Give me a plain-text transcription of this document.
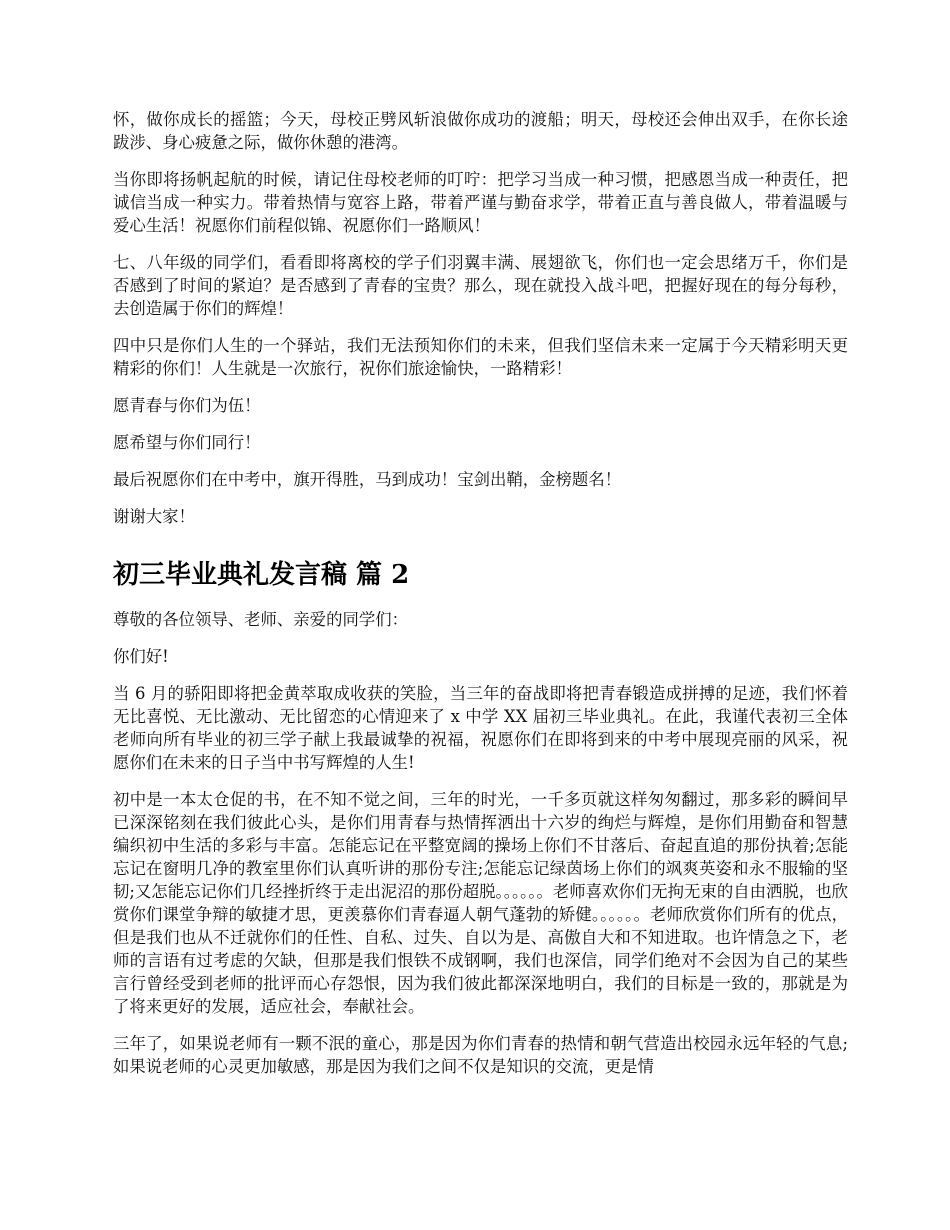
怀，做你成长的摇篮；今天，母校正劈风斩浪做你成功的渡船；明天，母校还会伸出双手，在你长途跋涉、身心疲惫之际，做你休憩的港湾。

当你即将扬帆起航的时候，请记住母校老师的叮咛：把学习当成一种习惯，把感恩当成一种责任，把诚信当成一种实力。带着热情与宽容上路，带着严谨与勤奋求学，带着正直与善良做人，带着温暖与爱心生活！祝愿你们前程似锦、祝愿你们一路顺风！

七、八年级的同学们，看看即将离校的学子们羽翼丰满、展翅欲飞，你们也一定会思绪万千，你们是否感到了时间的紧迫？是否感到了青春的宝贵？那么，现在就投入战斗吧，把握好现在的每分每秒，去创造属于你们的辉煌！

四中只是你们人生的一个驿站，我们无法预知你们的未来，但我们坚信未来一定属于今天精彩明天更精彩的你们！人生就是一次旅行，祝你们旅途愉快，一路精彩！

愿青春与你们为伍！

愿希望与你们同行！

最后祝愿你们在中考中，旗开得胜，马到成功！宝剑出鞘，金榜题名！

谢谢大家！

初三毕业典礼发言稿 篇 2

尊敬的各位领导、老师、亲爱的同学们：

你们好!

当 6 月的骄阳即将把金黄萃取成收获的笑脸，当三年的奋战即将把青春锻造成拼搏的足迹，我们怀着无比喜悦、无比激动、无比留恋的心情迎来了 x 中学 XX 届初三毕业典礼。在此，我谨代表初三全体老师向所有毕业的初三学子献上我最诚挚的祝福，祝愿你们在即将到来的中考中展现亮丽的风采，祝愿你们在未来的日子当中书写辉煌的人生!

初中是一本太仓促的书，在不知不觉之间，三年的时光，一千多页就这样匆匆翻过，那多彩的瞬间早已深深铭刻在我们彼此心头，是你们用青春与热情挥洒出十六岁的绚烂与辉煌，是你们用勤奋和智慧编织初中生活的多彩与丰富。怎能忘记在平整宽阔的操场上你们不甘落后、奋起直追的那份执着;怎能忘记在窗明几净的教室里你们认真听讲的那份专注;怎能忘记绿茵场上你们的飒爽英姿和永不服输的坚韧;又怎能忘记你们几经挫折终于走出泥沼的那份超脱。。。。。。老师喜欢你们无拘无束的自由洒脱，也欣赏你们课堂争辩的敏捷才思，更羡慕你们青春逼人朝气蓬勃的矫健。。。。。。老师欣赏你们所有的优点，但是我们也从不迁就你们的任性、自私、过失、自以为是、高傲自大和不知进取。也许情急之下，老师的言语有过考虑的欠缺，但那是我们恨铁不成钢啊，我们也深信，同学们绝对不会因为自己的某些言行曾经受到老师的批评而心存怨恨，因为我们彼此都深深地明白，我们的目标是一致的，那就是为了将来更好的发展，适应社会，奉献社会。

三年了，如果说老师有一颗不泯的童心，那是因为你们青春的热情和朝气营造出校园永远年轻的气息;如果说老师的心灵更加敏感，那是因为我们之间不仅是知识的交流，更是情
